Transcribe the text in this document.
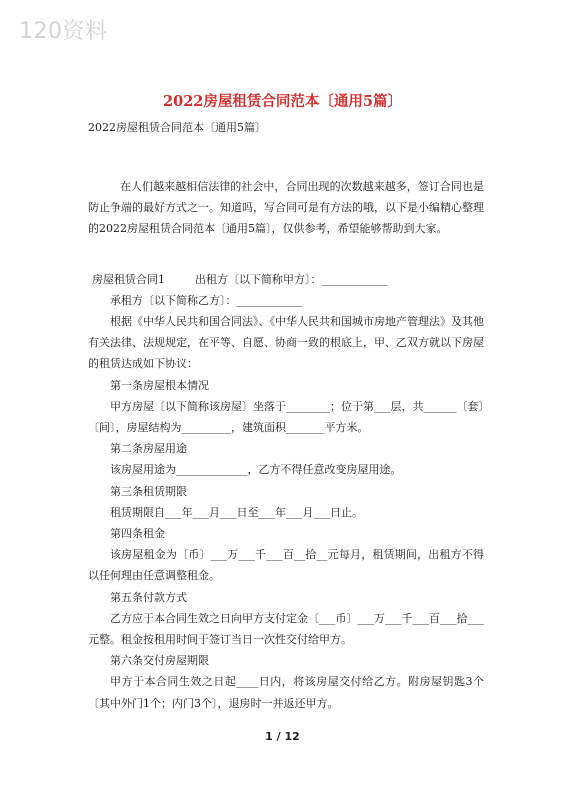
120资料
2022房屋租赁合同范本〔通用5篇〕
2022房屋租赁合同范本〔通用5篇〕

在人们越来越相信法律的社会中，合同出现的次数越来越多，签订合同也是防止争端的最好方式之一。知道吗，写合同可是有方法的哦，以下是小编精心整理的2022房屋租赁合同范本〔通用5篇〕，仅供参考，希望能够帮助到大家。

房屋租赁合同1	出租方〔以下简称甲方〕：____________

承租方〔以下简称乙方〕：____________

根据《中华人民共和国合同法》、《中华人民共和国城市房地产管理法》及其他有关法律、法规规定，在平等、自愿、协商一致的根底上，甲、乙双方就以下房屋的租赁达成如下协议：

第一条房屋根本情况

甲方房屋〔以下简称该房屋〕坐落于________；位于第___层，共______〔套〕〔间〕，房屋结构为_________，建筑面积_______平方米。

第二条房屋用途

该房屋用途为_____________，乙方不得任意改变房屋用途。

第三条租赁期限

租赁期限自___年___月___日至___年___月___日止。

第四条租金

该房屋租金为〔币〕___万___千___百__拾__元每月，租赁期间，出租方不得以任何理由任意调整租金。

第五条付款方式

乙方应于本合同生效之日向甲方支付定金〔___币〕___万___千___百___拾___元整。租金按租用时间于签订当日一次性交付给甲方。

第六条交付房屋期限

甲方于本合同生效之日起____日内，将该房屋交付给乙方。附房屋钥匙3个〔其中外门1个；内门3个〕，退房时一并返还甲方。

1 / 12
